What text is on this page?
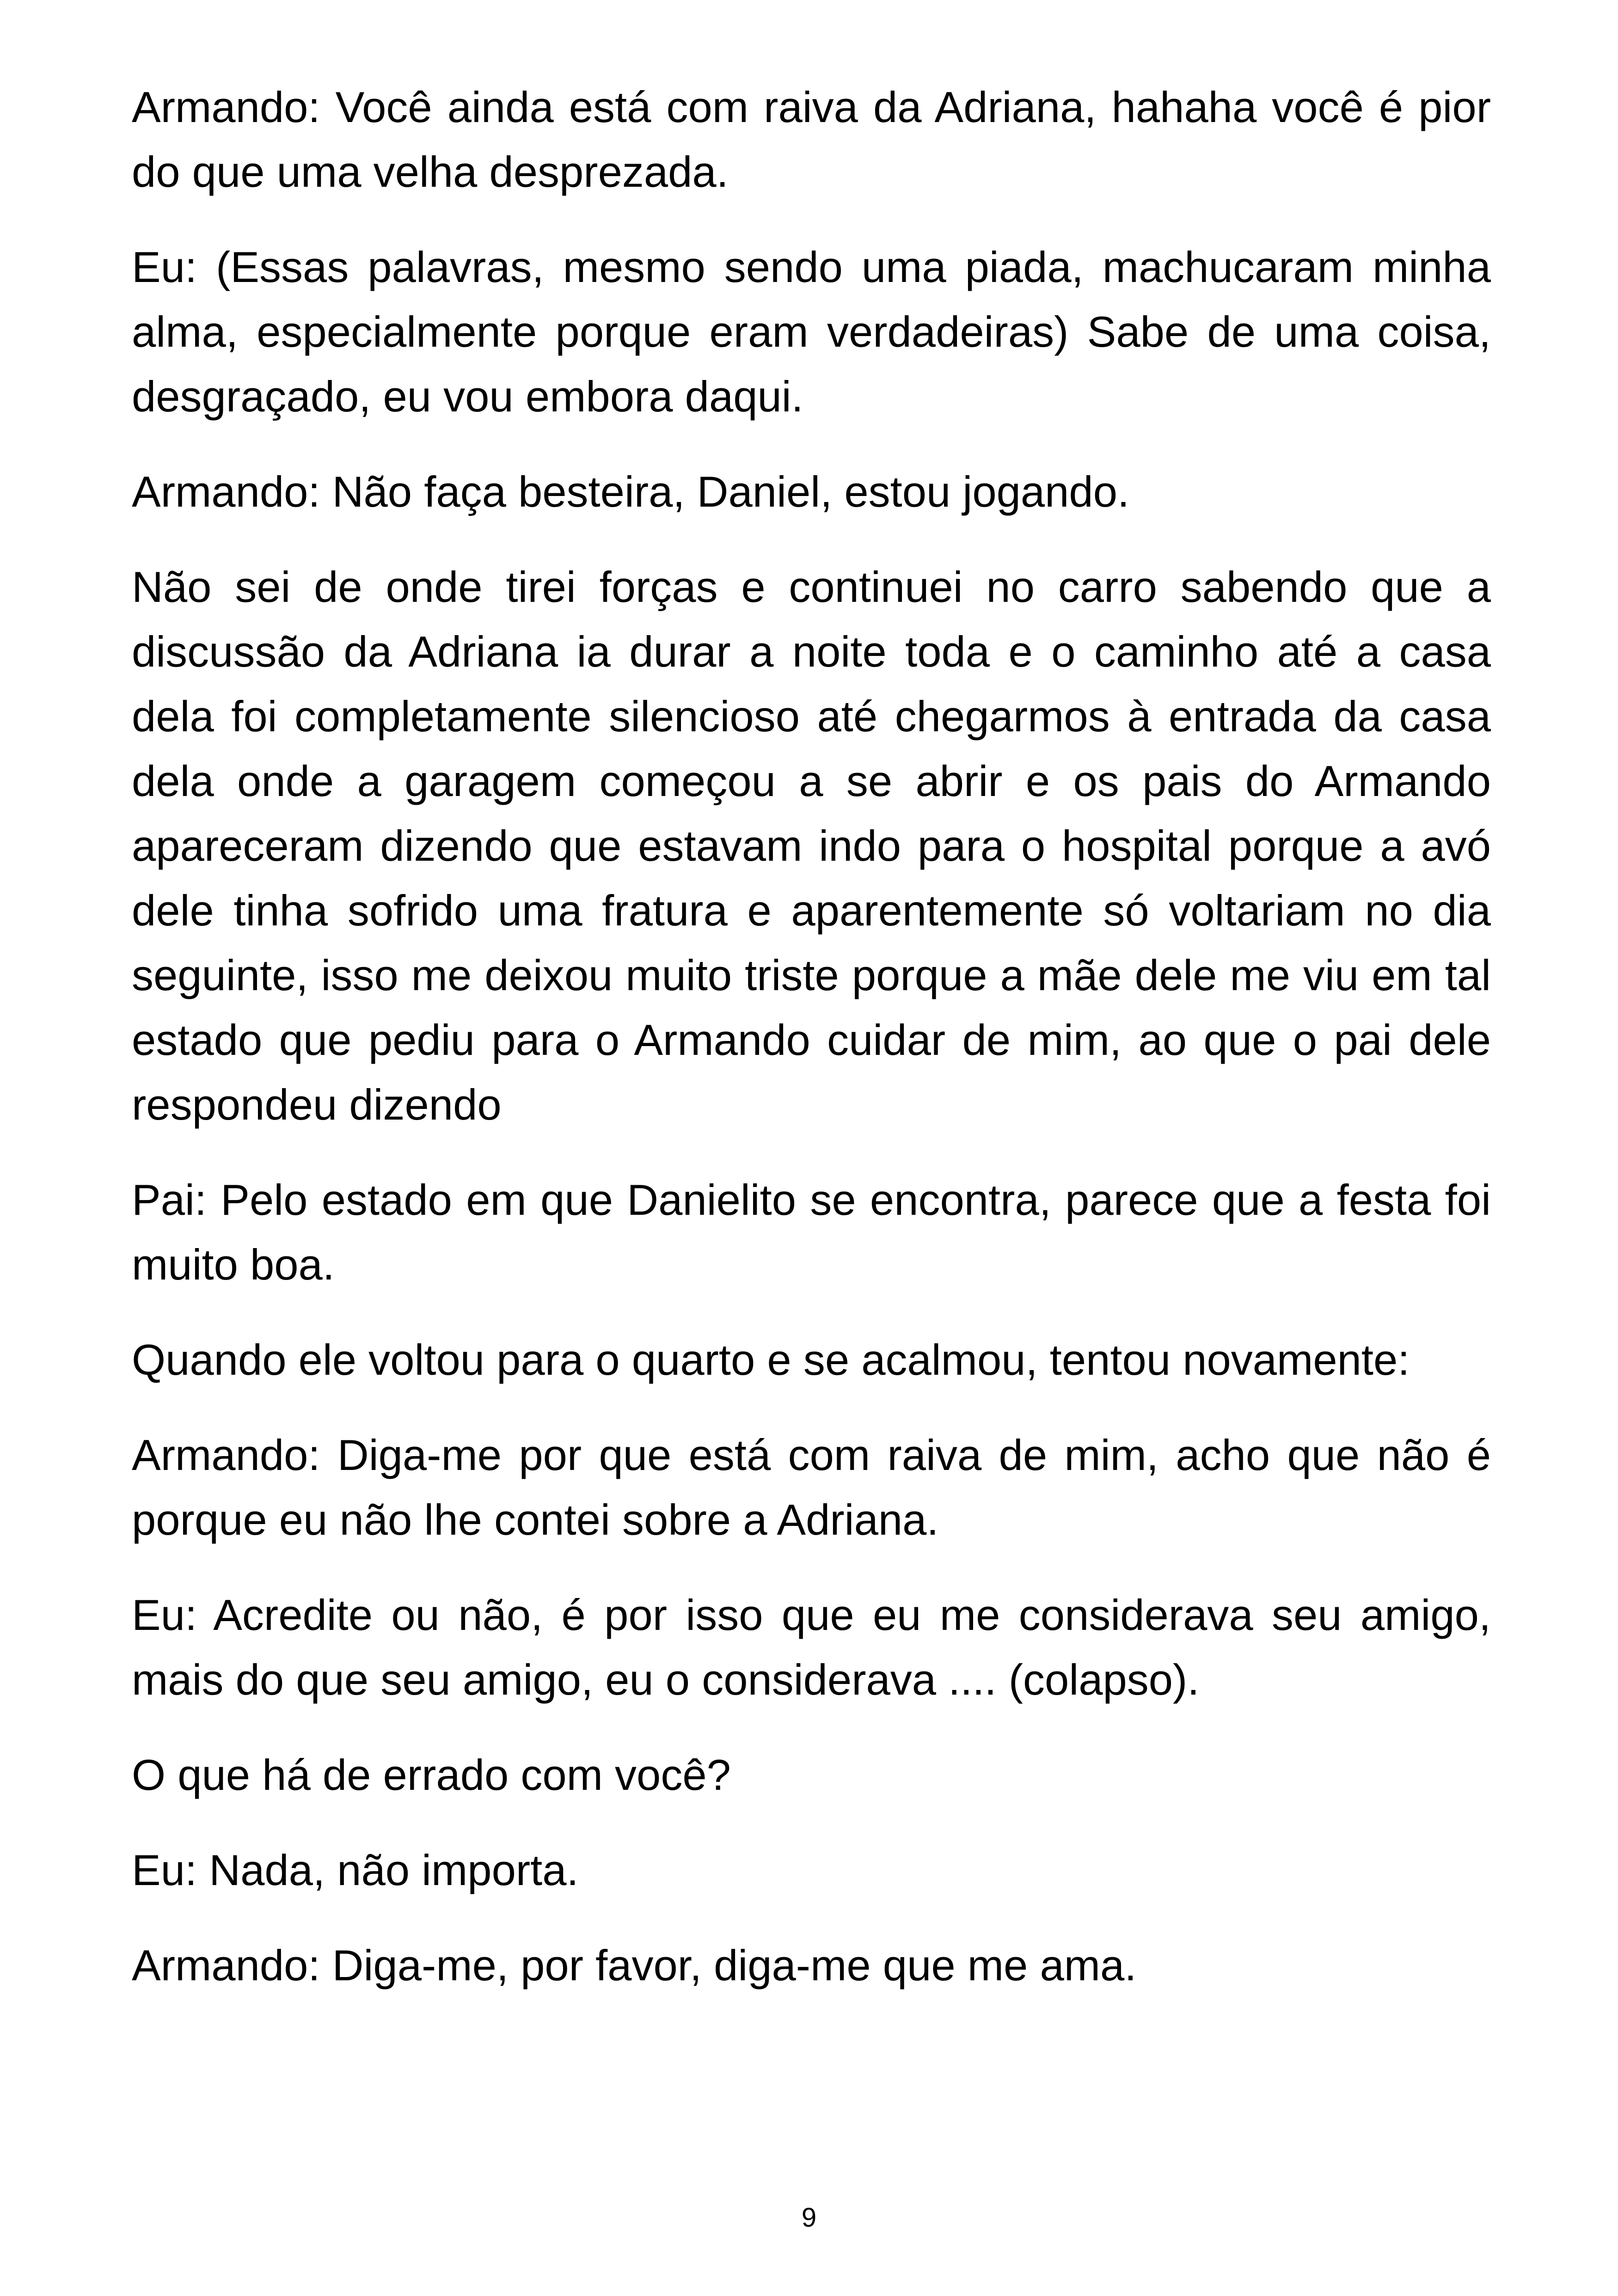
Armando: Você ainda está com raiva da Adriana, hahaha você é pior do que uma velha desprezada.

Eu: (Essas palavras, mesmo sendo uma piada, machucaram minha alma, especialmente porque eram verdadeiras) Sabe de uma coisa, desgraçado, eu vou embora daqui.

Armando: Não faça besteira, Daniel, estou jogando.

Não sei de onde tirei forças e continuei no carro sabendo que a discussão da Adriana ia durar a noite toda e o caminho até a casa dela foi completamente silencioso até chegarmos à entrada da casa dela onde a garagem começou a se abrir e os pais do Armando apareceram dizendo que estavam indo para o hospital porque a avó dele tinha sofrido uma fratura e aparentemente só voltariam no dia seguinte, isso me deixou muito triste porque a mãe dele me viu em tal estado que pediu para o Armando cuidar de mim, ao que o pai dele respondeu dizendo

Pai: Pelo estado em que Danielito se encontra, parece que a festa foi muito boa.

Quando ele voltou para o quarto e se acalmou, tentou novamente:

Armando: Diga-me por que está com raiva de mim, acho que não é porque eu não lhe contei sobre a Adriana.

Eu: Acredite ou não, é por isso que eu me considerava seu amigo, mais do que seu amigo, eu o considerava .... (colapso).

O que há de errado com você?

Eu: Nada, não importa.

Armando: Diga-me, por favor, diga-me que me ama.

9
